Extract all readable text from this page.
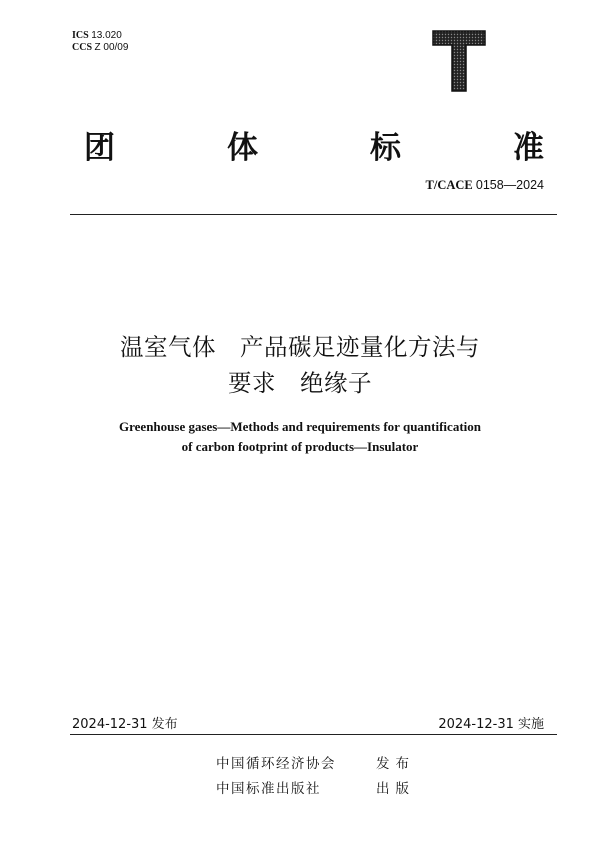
ICS 13.020
CCS Z 00/09
团	体	标	准
T/CACE 0158—2024
温室气体　产品碳足迹量化方法与
要求　绝缘子
Greenhouse gases—Methods and requirements for quantification
of carbon footprint of products—Insulator
2024-12-31 发布	2024-12-31 实施
中国循环经济协会	发布
中国标准出版社	出版
